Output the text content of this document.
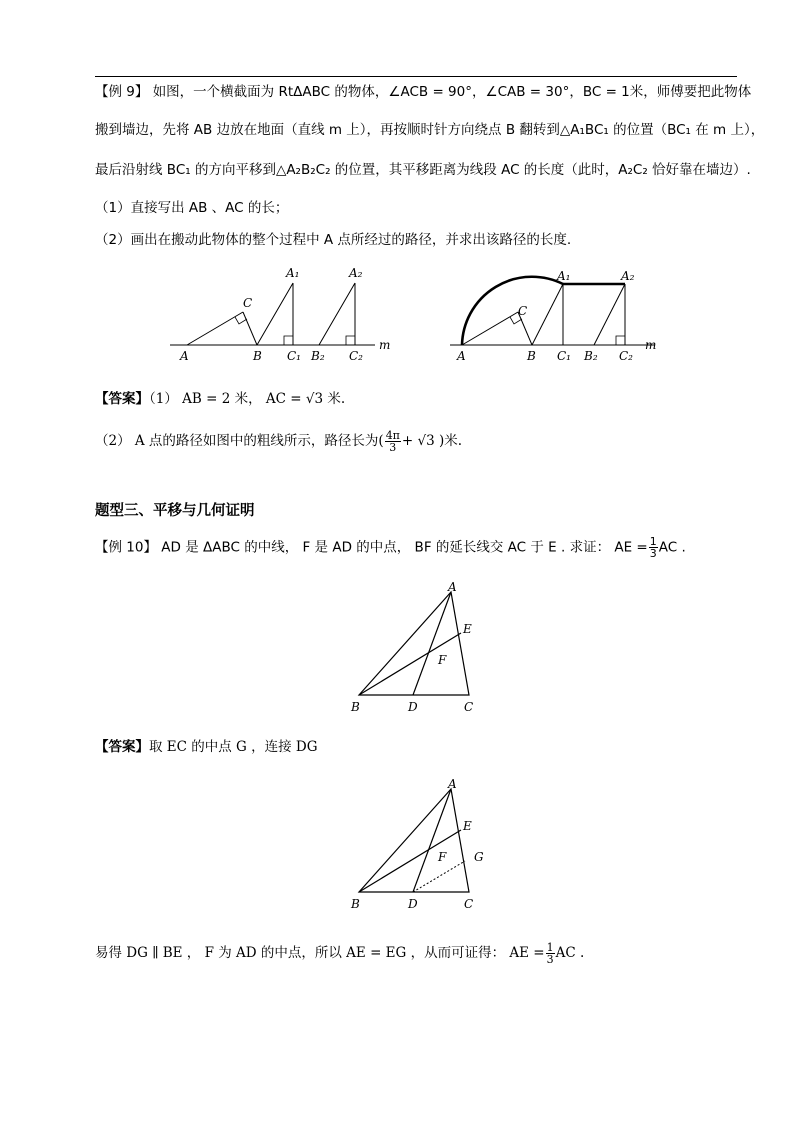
【例 9】 如图，一个横截面为 RtΔABC 的物体，∠ACB = 90°，∠CAB = 30°，BC = 1米，师傅要把此物体
搬到墙边，先将 AB 边放在地面（直线 m 上），再按顺时针方向绕点 B 翻转到△A₁BC₁ 的位置（BC₁ 在 m 上），
最后沿射线 BC₁ 的方向平移到△A₂B₂C₂ 的位置，其平移距离为线段 AC 的长度（此时，A₂C₂ 恰好靠在墙边）.
（1）直接写出 AB 、AC 的长；
（2）画出在搬动此物体的整个过程中 A 点所经过的路径，并求出该路径的长度.
A
C
B
A₁
C₁ B₂
A₂
C₂
m
A
C
B
A₁
C₁ B₂
A₂
C₂
m
【答案】（1） AB = 2 米， AC = √3 米.
（2） A 点的路径如图中的粗线所示，路径长为( $\frac{4\pi}{3} + √3$ )米.
题型三、平移与几何证明
【例 10】 AD 是 ΔABC 的中线， F 是 AD 的中点， BF 的延长线交 AC 于 E . 求证： AE = $\frac{1}{3}$ AC .
A
E
F
B	D	C
【答案】取 EC 的中点 G ，连接 DG
A
E
F G
B	D	C
易得 DG ∥ BE ， F 为 AD 的中点，所以 AE = EG ，从而可证得： AE = $\frac{1}{3}$ AC .
